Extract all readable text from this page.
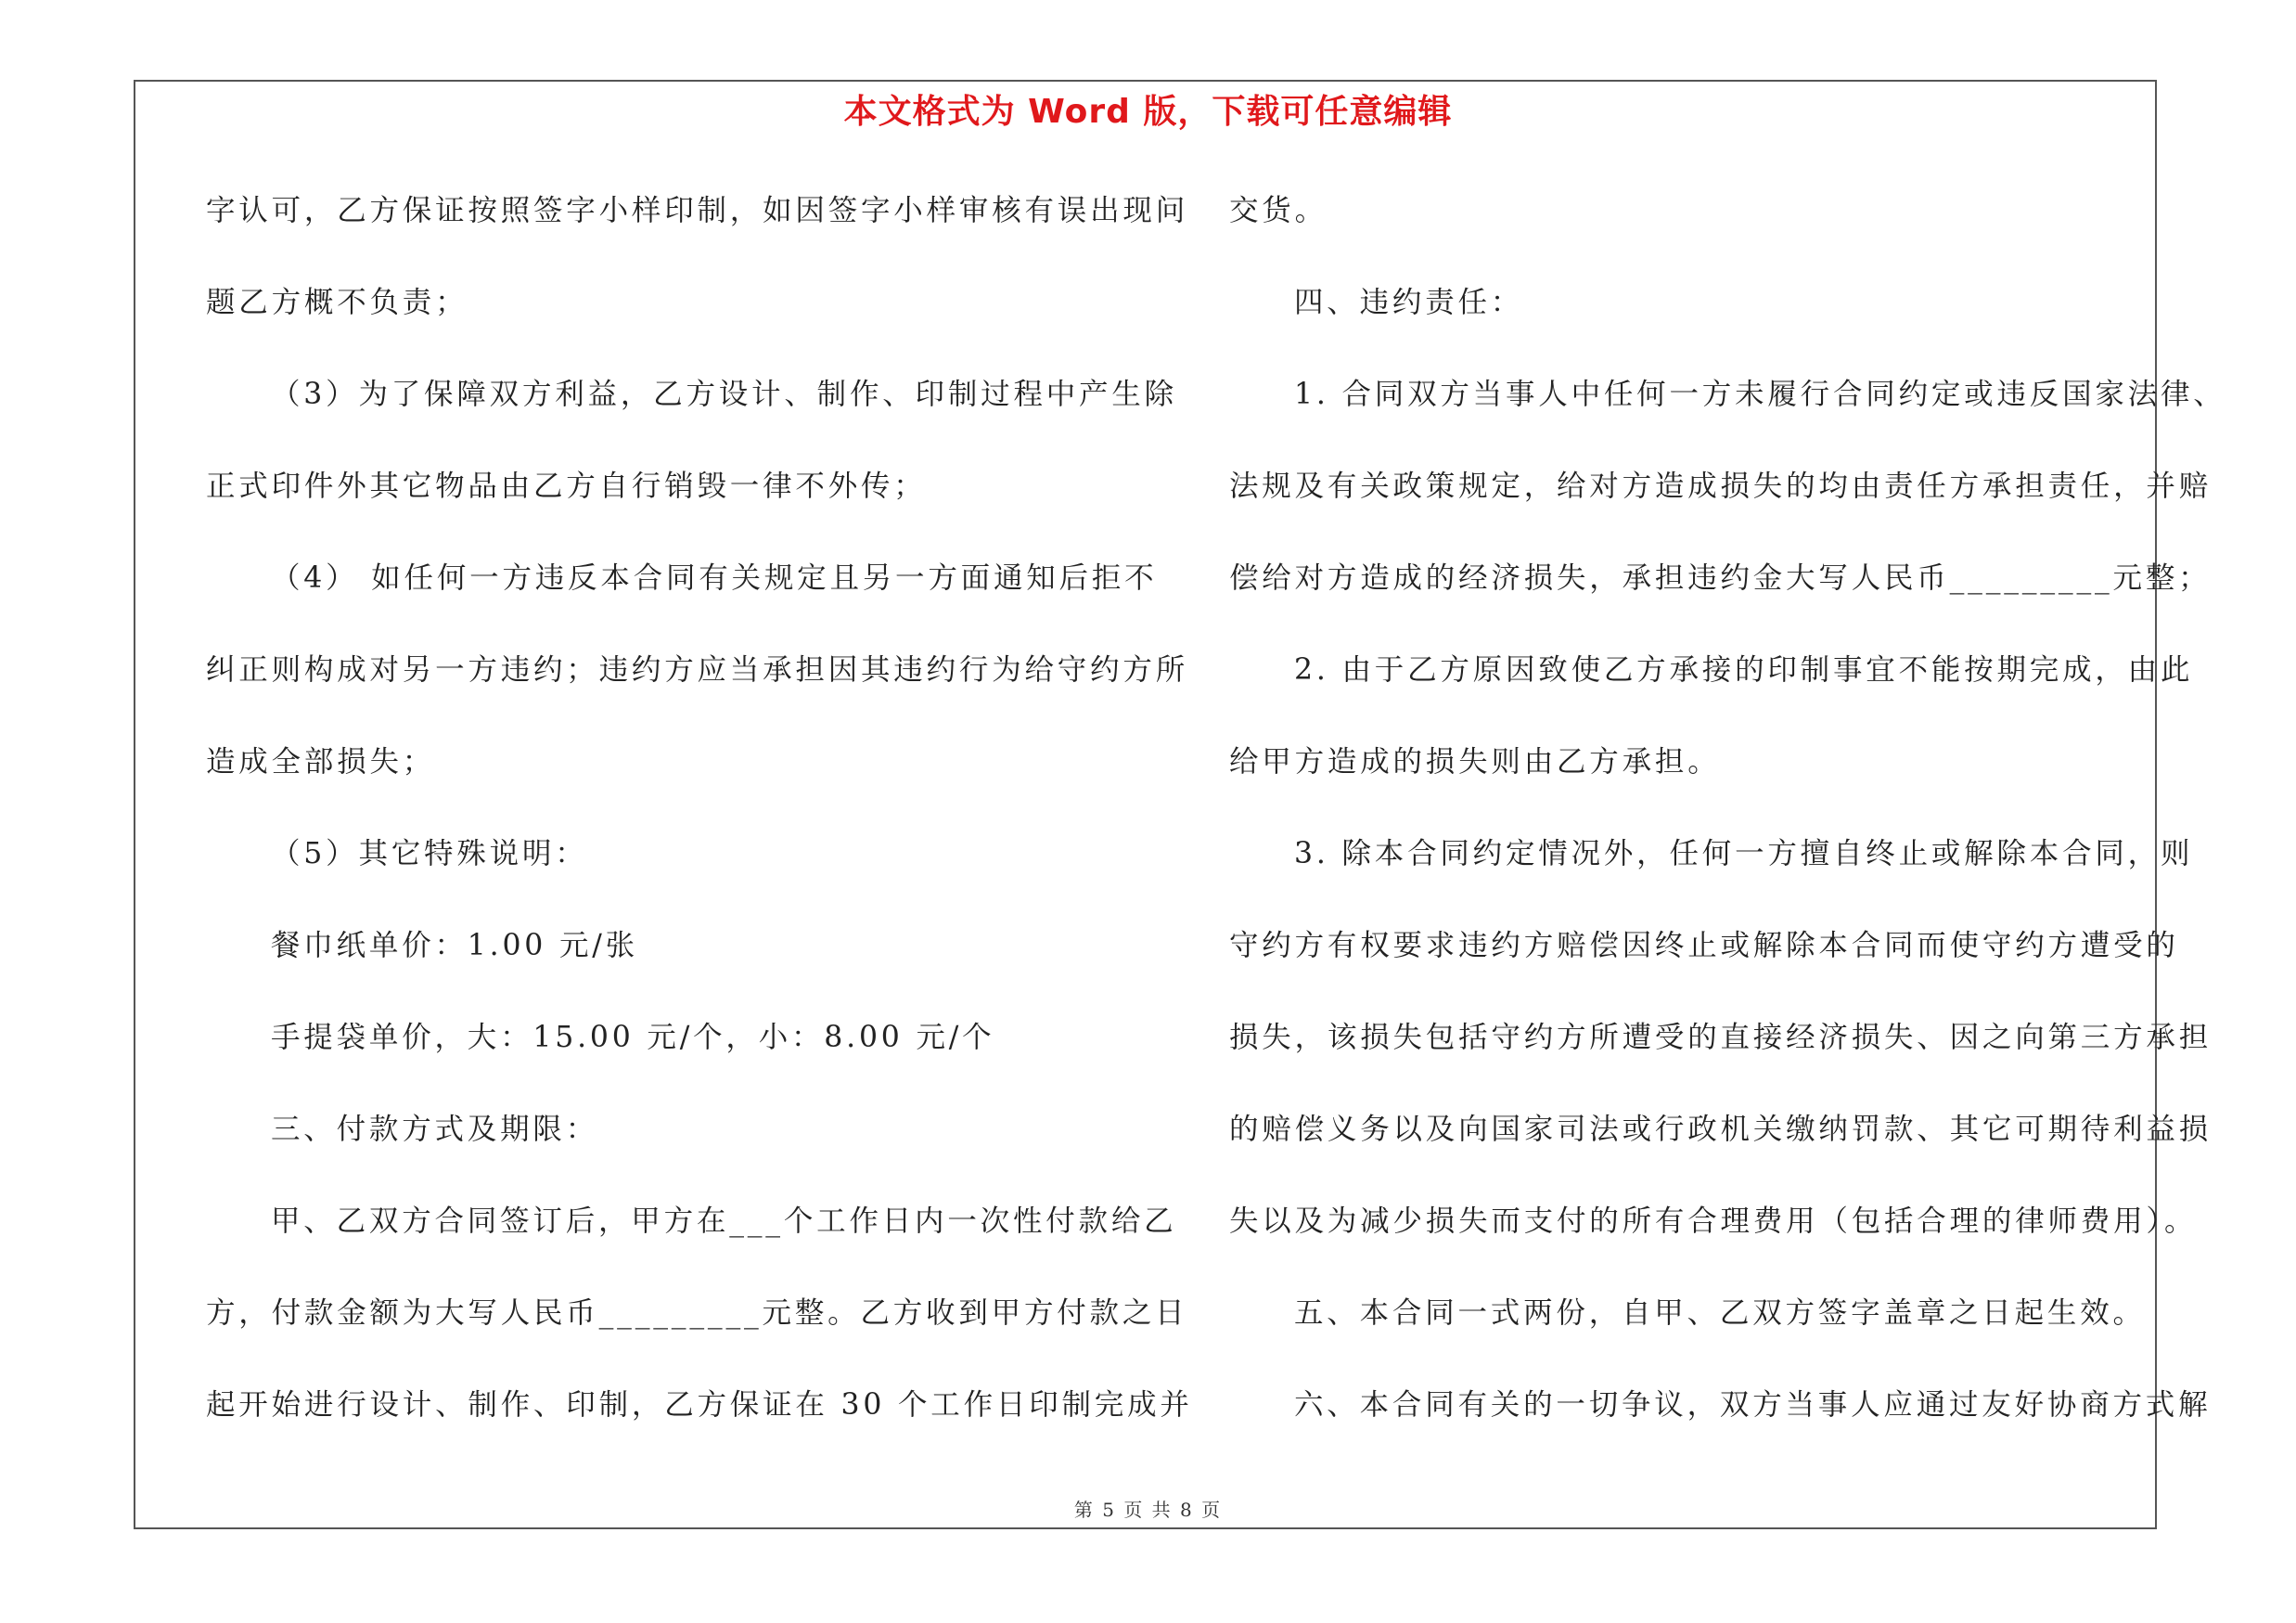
本文格式为 Word 版，下载可任意编辑
字认可，乙方保证按照签字小样印制，如因签字小样审核有误出现问
题乙方概不负责；
（3）为了保障双方利益，乙方设计、制作、印制过程中产生除
正式印件外其它物品由乙方自行销毁一律不外传；
（4） 如任何一方违反本合同有关规定且另一方面通知后拒不
纠正则构成对另一方违约；违约方应当承担因其违约行为给守约方所
造成全部损失；
（5）其它特殊说明：
餐巾纸单价：1.00 元/张
手提袋单价，大：15.00 元/个，小：8.00 元/个
三、付款方式及期限：
甲、乙双方合同签订后，甲方在___个工作日内一次性付款给乙
方，付款金额为大写人民币_________元整。乙方收到甲方付款之日
起开始进行设计、制作、印制，乙方保证在 30 个工作日印制完成并
交货。
四、违约责任：
1. 合同双方当事人中任何一方未履行合同约定或违反国家法律、
法规及有关政策规定，给对方造成损失的均由责任方承担责任，并赔
偿给对方造成的经济损失，承担违约金大写人民币_________元整；
2. 由于乙方原因致使乙方承接的印制事宜不能按期完成，由此
给甲方造成的损失则由乙方承担。
3. 除本合同约定情况外，任何一方擅自终止或解除本合同，则
守约方有权要求违约方赔偿因终止或解除本合同而使守约方遭受的
损失，该损失包括守约方所遭受的直接经济损失、因之向第三方承担
的赔偿义务以及向国家司法或行政机关缴纳罚款、其它可期待利益损
失以及为减少损失而支付的所有合理费用（包括合理的律师费用）。
五、本合同一式两份，自甲、乙双方签字盖章之日起生效。
六、本合同有关的一切争议，双方当事人应通过友好协商方式解
第 5 页 共 8 页
